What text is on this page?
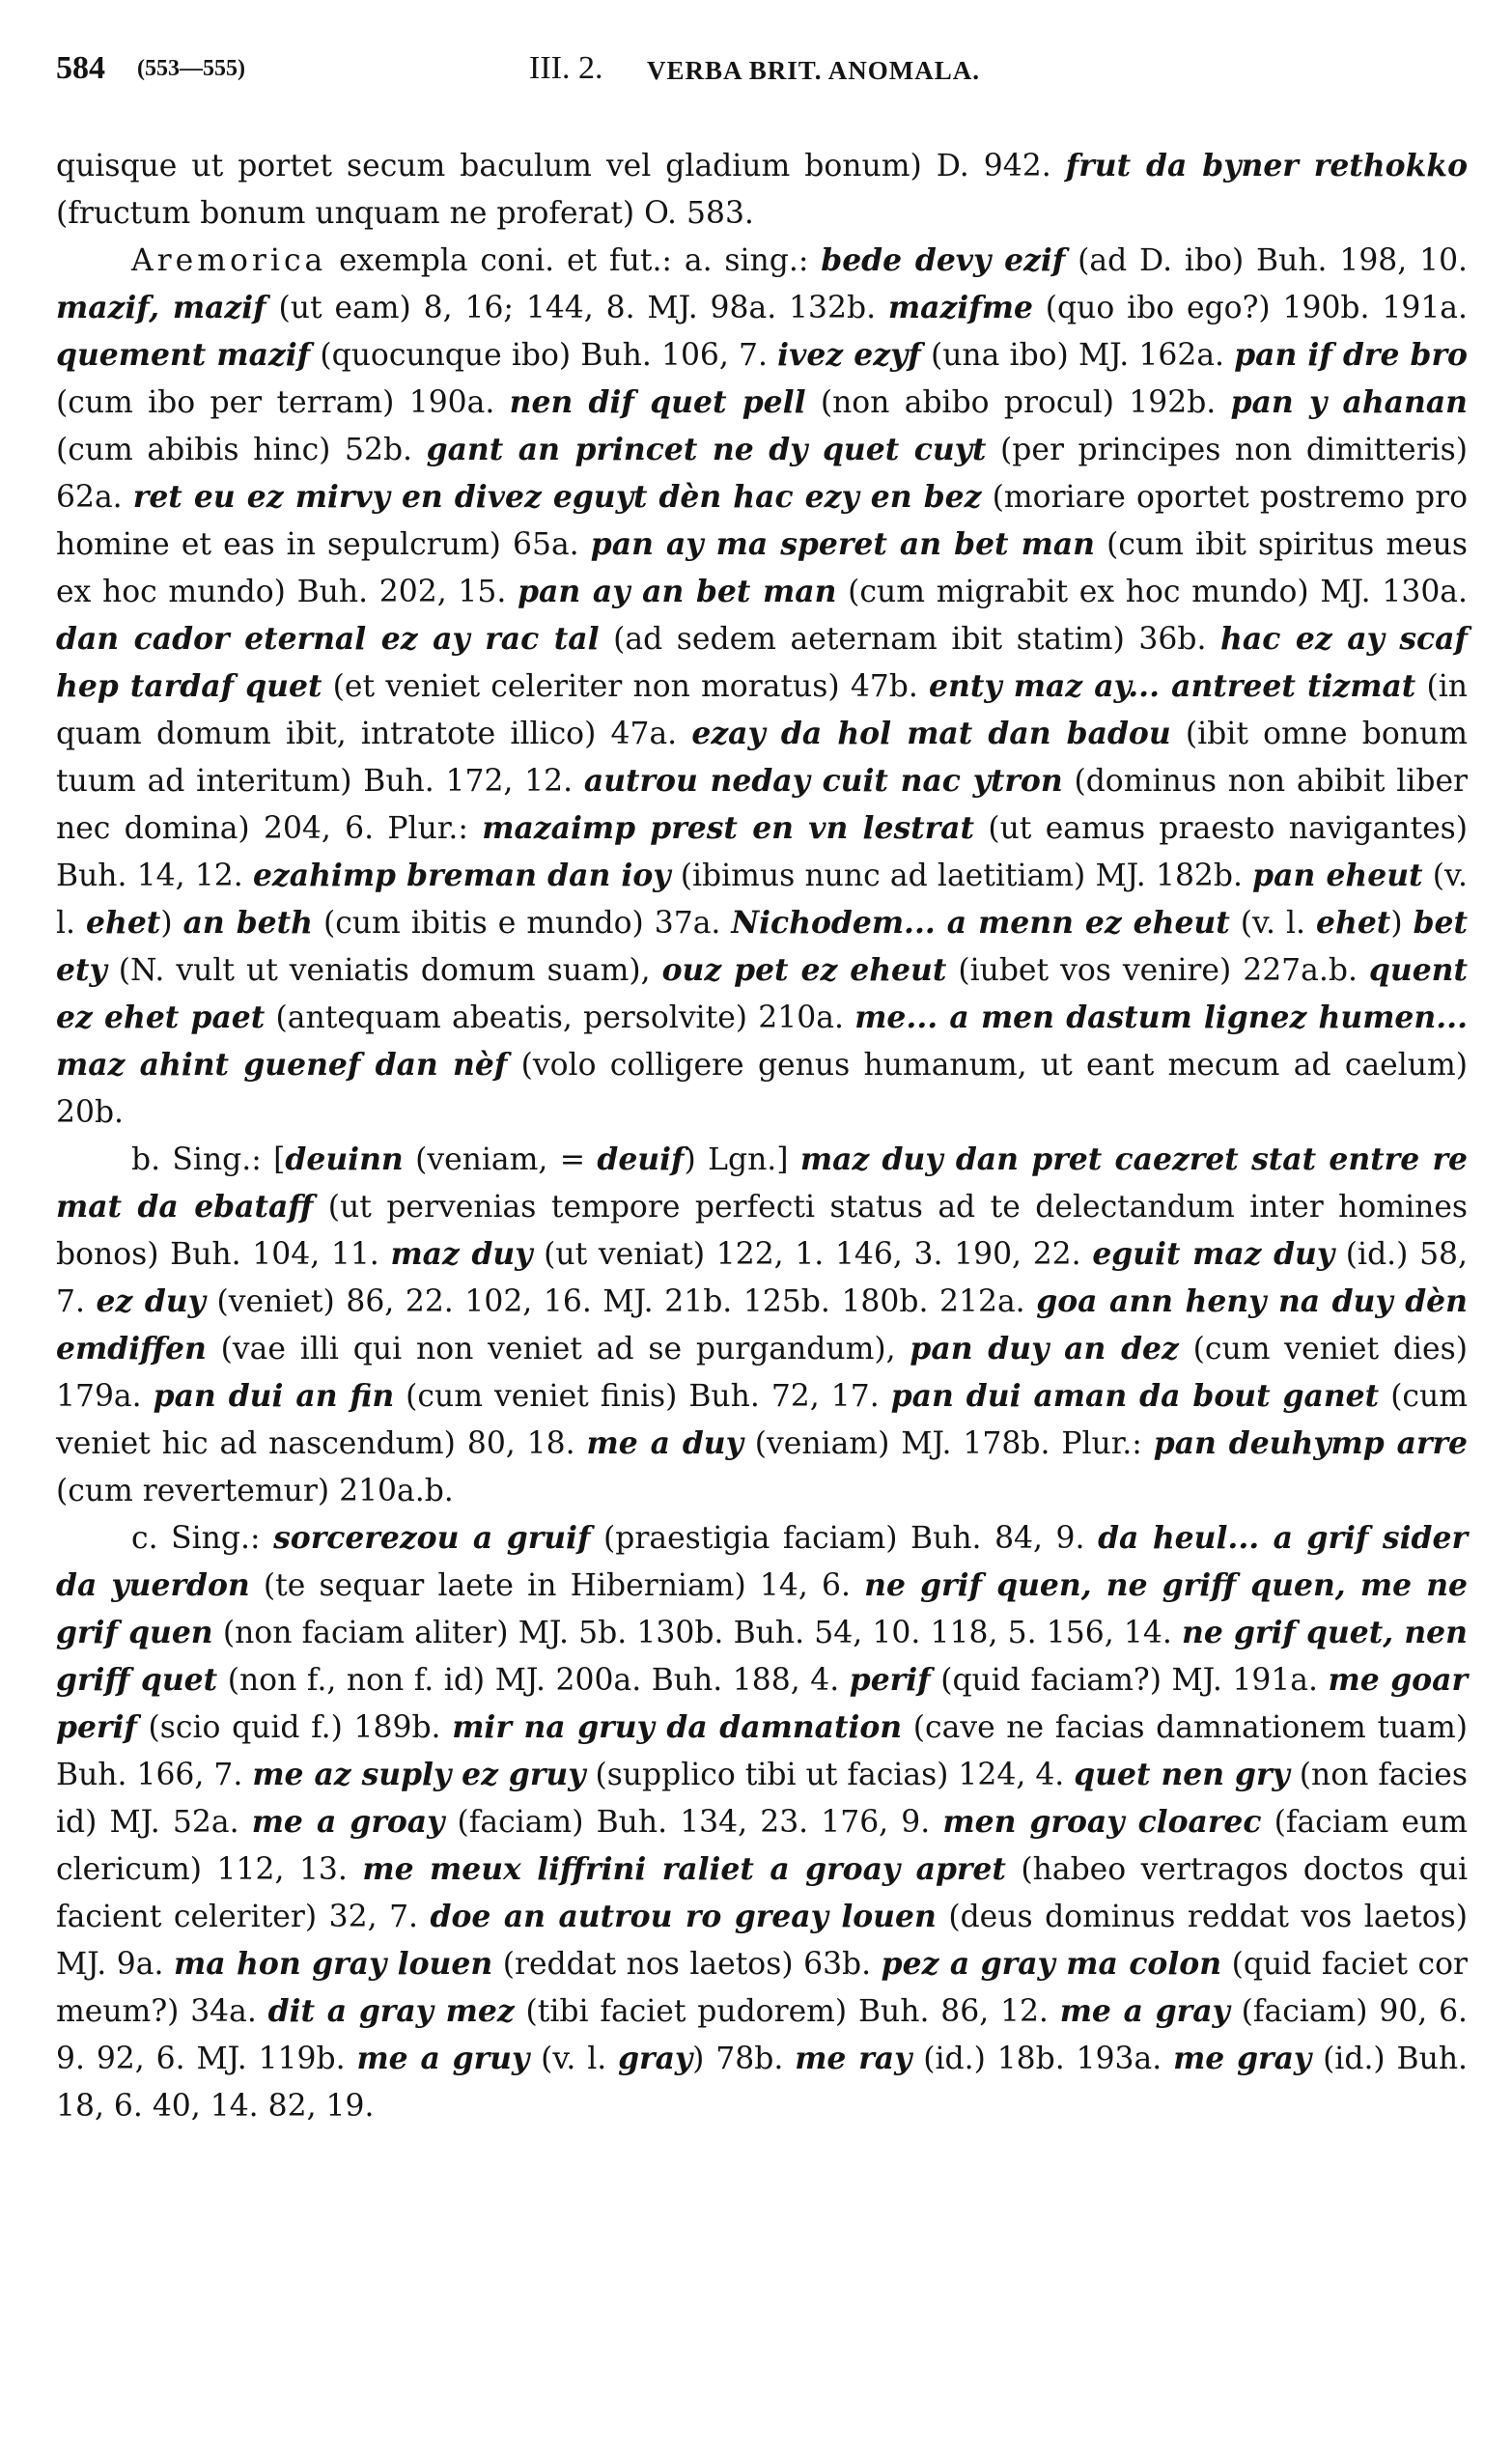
584 (553—555)	III. 2. VERBA BRIT. ANOMALA.

quisque ut portet secum baculum vel gladium bonum) D. 942. frut da byner rethokko (fructum bonum unquam ne proferat) O. 583.

Aremorica exempla coni. et fut.: a. sing.: bede devy ezif (ad D. ibo) Buh. 198, 10. mazif, mazif (ut eam) 8, 16; 144, 8. MJ. 98a. 132b. mazifme (quo ibo ego?) 190b. 191a. quement mazif (quocunque ibo) Buh. 106, 7. ivez ezyf (una ibo) MJ. 162a. pan if dre bro (cum ibo per terram) 190a. nen dif quet pell (non abibo procul) 192b. pan y ahanan (cum abibis hinc) 52b. gant an princet ne dy quet cuyt (per principes non dimitteris) 62a. ret eu ez mirvy en divez eguyt dèn hac ezy en bez (moriare oportet postremo pro homine et eas in sepulcrum) 65a. pan ay ma speret an bet man (cum ibit spiritus meus ex hoc mundo) Buh. 202, 15. pan ay an bet man (cum migrabit ex hoc mundo) MJ. 130a. dan cador eternal ez ay rac tal (ad sedem aeternam ibit statim) 36b. hac ez ay scaf hep tardaf quet (et veniet celeriter non moratus) 47b. enty maz ay... antreet tizmat (in quam domum ibit, intratote illico) 47a. ezay da hol mat dan badou (ibit omne bonum tuum ad interitum) Buh. 172, 12. autrou neday cuit nac ytron (dominus non abibit liber nec domina) 204, 6. Plur.: mazaimp prest en vn lestrat (ut eamus praesto navigantes) Buh. 14, 12. ezahimp breman dan ioy (ibimus nunc ad laetitiam) MJ. 182b. pan eheut (v. l. ehet) an beth (cum ibitis e mundo) 37a. Nichodem... a menn ez eheut (v. l. ehet) bet ety (N. vult ut veniatis domum suam), ouz pet ez eheut (iubet vos venire) 227a.b. quent ez ehet paet (antequam abeatis, persolvite) 210a. me... a men dastum lignez humen... maz ahint guenef dan nèf (volo colligere genus humanum, ut eant mecum ad caelum) 20b.

b. Sing.: [deuinn (veniam, = deuif) Lgn.] maz duy dan pret caezret stat entre re mat da ebataff (ut pervenias tempore perfecti status ad te delectandum inter homines bonos) Buh. 104, 11. maz duy (ut veniat) 122, 1. 146, 3. 190, 22. eguit maz duy (id.) 58, 7. ez duy (veniet) 86, 22. 102, 16. MJ. 21b. 125b. 180b. 212a. goa ann heny na duy dèn emdiffen (vae illi qui non veniet ad se purgandum), pan duy an dez (cum veniet dies) 179a. pan dui an fin (cum veniet finis) Buh. 72, 17. pan dui aman da bout ganet (cum veniet hic ad nascendum) 80, 18. me a duy (veniam) MJ. 178b. Plur.: pan deuhymp arre (cum revertemur) 210a.b.

c. Sing.: sorcerezou a gruif (praestigia faciam) Buh. 84, 9. da heul... a grif sider da yuerdon (te sequar laete in Hiberniam) 14, 6. ne grif quen, ne griff quen, me ne grif quen (non faciam aliter) MJ. 5b. 130b. Buh. 54, 10. 118, 5. 156, 14. ne grif quet, nen griff quet (non f., non f. id) MJ. 200a. Buh. 188, 4. perif (quid faciam?) MJ. 191a. me goar perif (scio quid f.) 189b. mir na gruy da damnation (cave ne facias damnationem tuam) Buh. 166, 7. me az suply ez gruy (supplico tibi ut facias) 124, 4. quet nen gry (non facies id) MJ. 52a. me a groay (faciam) Buh. 134, 23. 176, 9. men groay cloarec (faciam eum clericum) 112, 13. me meux liffrini raliet a groay apret (habeo vertragos doctos qui facient celeriter) 32, 7. doe an autrou ro greay louen (deus dominus reddat vos laetos) MJ. 9a. ma hon gray louen (reddat nos laetos) 63b. pez a gray ma colon (quid faciet cor meum?) 34a. dit a gray mez (tibi faciet pudorem) Buh. 86, 12. me a gray (faciam) 90, 6. 9. 92, 6. MJ. 119b. me a gruy (v. l. gray) 78b. me ray (id.) 18b. 193a. me gray (id.) Buh. 18, 6. 40, 14. 82, 19.
